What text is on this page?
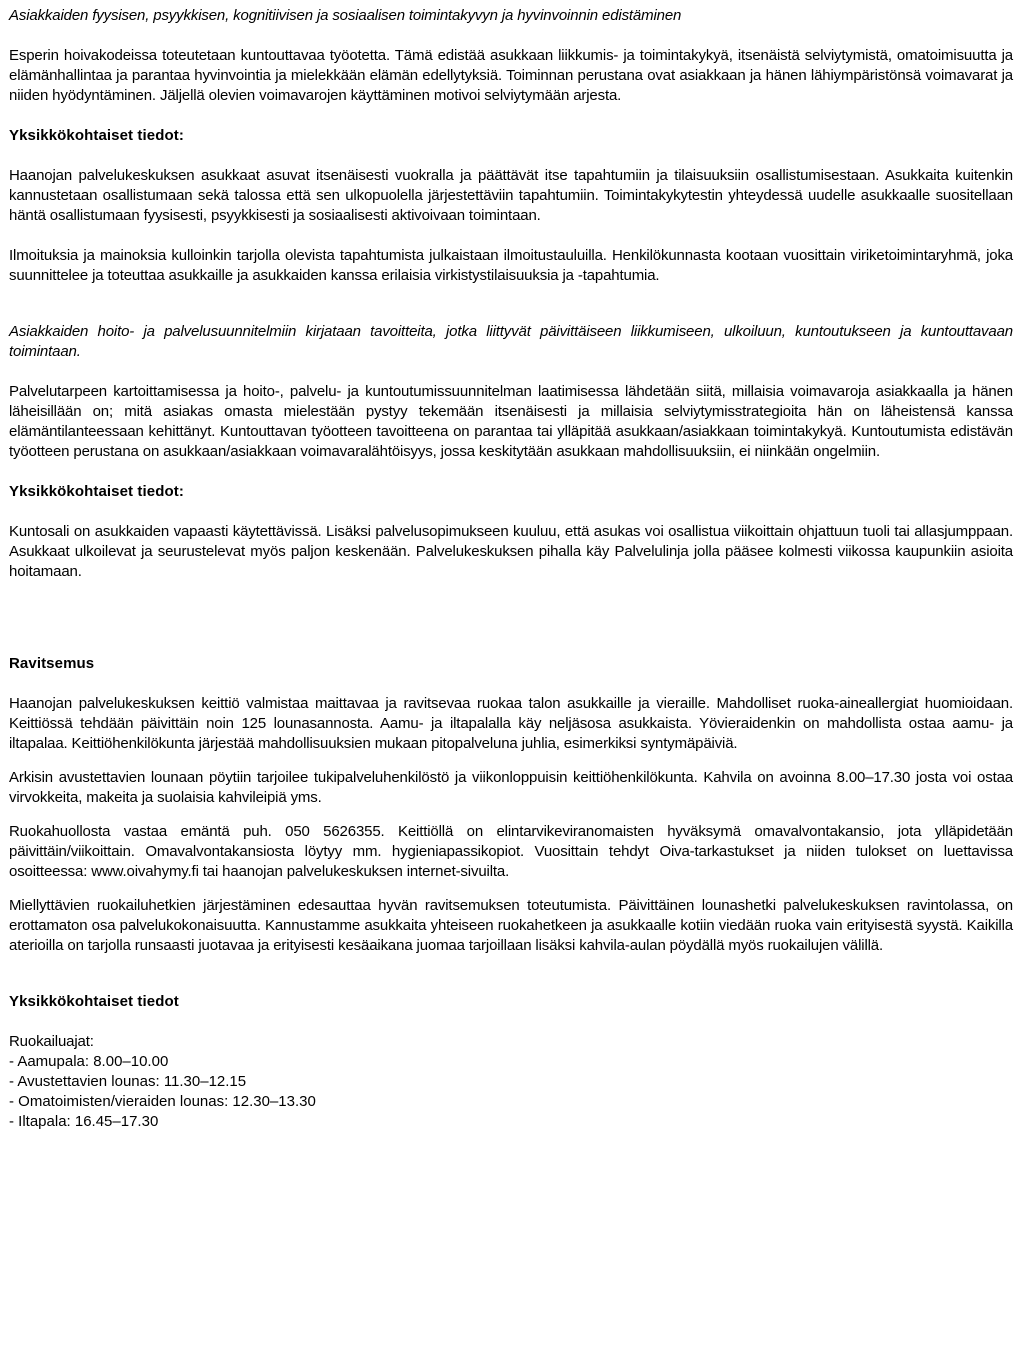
Asiakkaiden fyysisen, psyykkisen, kognitiivisen ja sosiaalisen toimintakyvyn ja hyvinvoinnin edistäminen

Esperin hoivakodeissa toteutetaan kuntouttavaa työotetta. Tämä edistää asukkaan liikkumis- ja toimintakykyä, itsenäistä selviytymistä, omatoimisuutta ja elämänhallintaa ja parantaa hyvinvointia ja mielekkään elämän edellytyksiä. Toiminnan perustana ovat asiakkaan ja hänen lähiympäristönsä voimavarat ja niiden hyödyntäminen. Jäljellä olevien voimavarojen käyttäminen motivoi selviytymään arjesta.

Yksikkökohtaiset tiedot:

Haanojan palvelukeskuksen asukkaat asuvat itsenäisesti vuokralla ja päättävät itse tapahtumiin ja tilaisuuksiin osallistumisestaan. Asukkaita kuitenkin kannustetaan osallistumaan sekä talossa että sen ulkopuolella järjestettäviin tapahtumiin. Toimintakykytestin yhteydessä uudelle asukkaalle suositellaan häntä osallistumaan fyysisesti, psyykkisesti ja sosiaalisesti aktivoivaan toimintaan.

Ilmoituksia ja mainoksia kulloinkin tarjolla olevista tapahtumista julkaistaan ilmoitustauluilla. Henkilökunnasta kootaan vuosittain viriketoimintaryhmä, joka suunnittelee ja toteuttaa asukkaille ja asukkaiden kanssa erilaisia virkistystilaisuuksia ja -tapahtumia.

Asiakkaiden hoito- ja palvelusuunnitelmiin kirjataan tavoitteita, jotka liittyvät päivittäiseen liikkumiseen, ulkoiluun, kuntoutukseen ja kuntouttavaan toimintaan.

Palvelutarpeen kartoittamisessa ja hoito-, palvelu- ja kuntoutumissuunnitelman laatimisessa lähdetään siitä, millaisia voimavaroja asiakkaalla ja hänen läheisillään on; mitä asiakas omasta mielestään pystyy tekemään itsenäisesti ja millaisia selviytymisstrategioita hän on läheistensä kanssa elämäntilanteessaan kehittänyt. Kuntouttavan työotteen tavoitteena on parantaa tai ylläpitää asukkaan/asiakkaan toimintakykyä. Kuntoutumista edistävän työotteen perustana on asukkaan/asiakkaan voimavaralähtöisyys, jossa keskitytään asukkaan mahdollisuuksiin, ei niinkään ongelmiin.

Yksikkökohtaiset tiedot:

Kuntosali on asukkaiden vapaasti käytettävissä. Lisäksi palvelusopimukseen kuuluu, että asukas voi osallistua viikoittain ohjattuun tuoli tai allasjumppaan. Asukkaat ulkoilevat ja seurustelevat myös paljon keskenään. Palvelukeskuksen pihalla käy Palvelulinja jolla pääsee kolmesti viikossa kaupunkiin asioita hoitamaan.

Ravitsemus

Haanojan palvelukeskuksen keittiö valmistaa maittavaa ja ravitsevaa ruokaa talon asukkaille ja vieraille. Mahdolliset ruoka-aineallergiat huomioidaan. Keittiössä tehdään päivittäin noin 125 lounasannosta. Aamu- ja iltapalalla käy neljäsosa asukkaista. Yövieraidenkin on mahdollista ostaa aamu- ja iltapalaa. Keittiöhenkilökunta järjestää mahdollisuuksien mukaan pitopalveluna juhlia, esimerkiksi syntymäpäiviä.

Arkisin avustettavien lounaan pöytiin tarjoilee tukipalveluhenkilöstö ja viikonloppuisin keittiöhenkilökunta. Kahvila on avoinna 8.00–17.30 josta voi ostaa virvokkeita, makeita ja suolaisia kahvileipiä yms.

Ruokahuollosta vastaa emäntä puh. 050 5626355. Keittiöllä on elintarvikeviranomaisten hyväksymä omavalvontakansio, jota ylläpidetään päivittäin/viikoittain. Omavalvontakansiosta löytyy mm. hygieniapassikopiot. Vuosittain tehdyt Oiva-tarkastukset ja niiden tulokset on luettavissa osoitteessa: www.oivahymy.fi tai haanojan palvelukeskuksen internet-sivuilta.

Miellyttävien ruokailuhetkien järjestäminen edesauttaa hyvän ravitsemuksen toteutumista. Päivittäinen lounashetki palvelukeskuksen ravintolassa, on erottamaton osa palvelukokonaisuutta. Kannustamme asukkaita yhteiseen ruokahetkeen ja asukkaalle kotiin viedään ruoka vain erityisestä syystä. Kaikilla aterioilla on tarjolla runsaasti juotavaa ja erityisesti kesäaikana juomaa tarjoillaan lisäksi kahvila-aulan pöydällä myös ruokailujen välillä.

Yksikkökohtaiset tiedot

Ruokailuajat:

- Aamupala: 8.00–10.00
- Avustettavien lounas: 11.30–12.15
- Omatoimisten/vieraiden lounas: 12.30–13.30
- Iltapala: 16.45–17.30
